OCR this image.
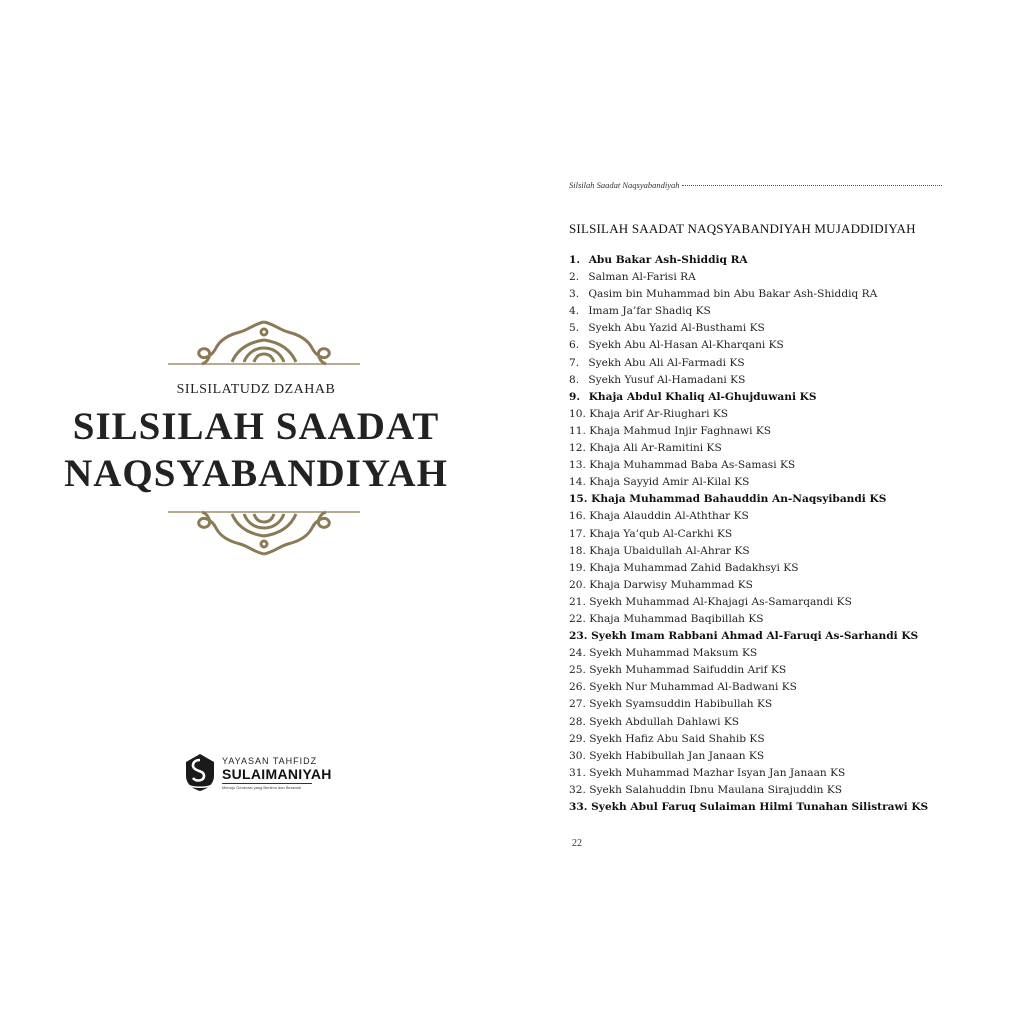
SILSILATUDZ DZAHAB
SILSILAH SAADAT
NAQSYABANDIYAH
YAYASAN TAHFIDZ
SULAIMANIYAH
Menuju Generasi yang Berilmu dan Beradab
Silsilah Saadat Naqsyabandiyah
SILSILAH SAADAT NAQSYABANDIYAH MUJADDIDIYAH
1. Abu Bakar Ash-Shiddiq RA
2. Salman Al-Farisi RA
3. Qasim bin Muhammad bin Abu Bakar Ash-Shiddiq RA
4. Imam Ja’far Shadiq KS
5. Syekh Abu Yazid Al-Busthami KS
6. Syekh Abu Al-Hasan Al-Kharqani KS
7. Syekh Abu Ali Al-Farmadi KS
8. Syekh Yusuf Al-Hamadani KS
9. Khaja Abdul Khaliq Al-Ghujduwani KS
10. Khaja Arif Ar-Riughari KS
11. Khaja Mahmud Injir Faghnawi KS
12. Khaja Ali Ar-Ramitini KS
13. Khaja Muhammad Baba As-Samasi KS
14. Khaja Sayyid Amir Al-Kilal KS
15. Khaja Muhammad Bahauddin An-Naqsyibandi KS
16. Khaja Alauddin Al-Aththar KS
17. Khaja Ya’qub Al-Carkhi KS
18. Khaja Ubaidullah Al-Ahrar KS
19. Khaja Muhammad Zahid Badakhsyi KS
20. Khaja Darwisy Muhammad KS
21. Syekh Muhammad Al-Khajagi As-Samarqandi KS
22. Khaja Muhammad Baqibillah KS
23. Syekh Imam Rabbani Ahmad Al-Faruqi As-Sarhandi KS
24. Syekh Muhammad Maksum KS
25. Syekh Muhammad Saifuddin Arif KS
26. Syekh Nur Muhammad Al-Badwani KS
27. Syekh Syamsuddin Habibullah KS
28. Syekh Abdullah Dahlawi KS
29. Syekh Hafiz Abu Said Shahib KS
30. Syekh Habibullah Jan Janaan KS
31. Syekh Muhammad Mazhar Isyan Jan Janaan KS
32. Syekh Salahuddin Ibnu Maulana Sirajuddin KS
33. Syekh Abul Faruq Sulaiman Hilmi Tunahan Silistrawi KS
22
